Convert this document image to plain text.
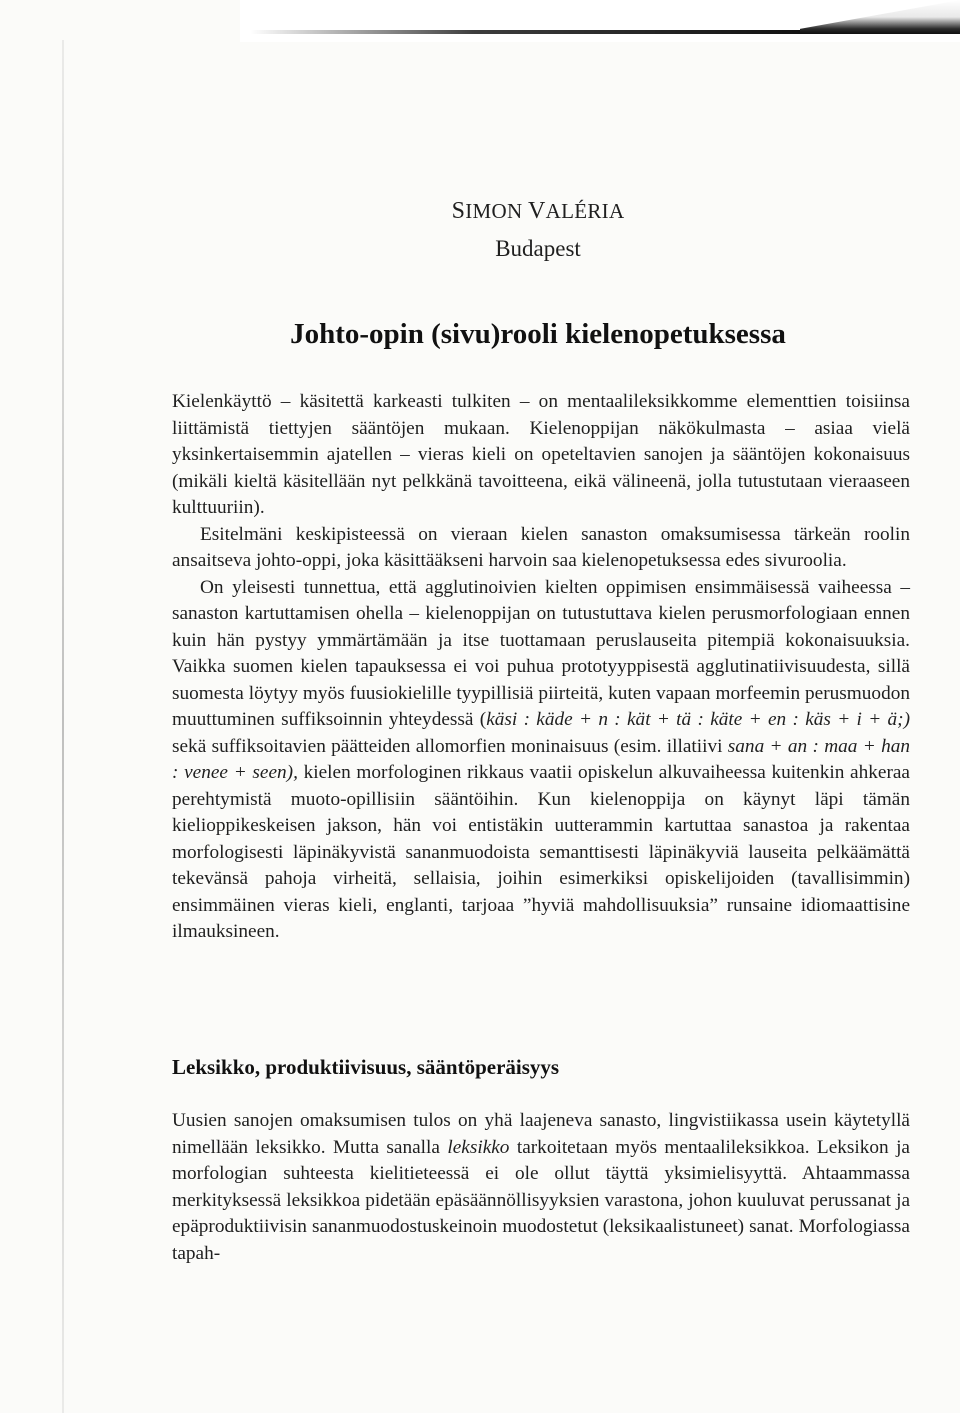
SIMON VALÉRIA
Budapest
Johto-opin (sivu)rooli kielenopetuksessa

Kielenkäyttö – käsitettä karkeasti tulkiten – on mentaalileksikkomme elementtien toisiinsa liittämistä tiettyjen sääntöjen mukaan. Kielenoppijan näkökulmasta – asiaa vielä yksinkertaisemmin ajatellen – vieras kieli on opeteltavien sanojen ja sääntöjen kokonaisuus (mikäli kieltä käsitellään nyt pelkkänä tavoitteena, eikä välineenä, jolla tutustutaan vieraaseen kulttuuriin).

Esitelmäni keskipisteessä on vieraan kielen sanaston omaksumisessa tärkeän roolin ansaitseva johto-oppi, joka käsittääkseni harvoin saa kielenopetuksessa edes sivuroolia.

On yleisesti tunnettua, että agglutinoivien kielten oppimisen ensimmäisessä vaiheessa – sanaston kartuttamisen ohella – kielenoppijan on tutustuttava kielen perusmorfologiaan ennen kuin hän pystyy ymmärtämään ja itse tuottamaan peruslauseita pitempiä kokonaisuuksia. Vaikka suomen kielen tapauksessa ei voi puhua prototyyppisestä agglutinatiivisuudesta, sillä suomesta löytyy myös fuusiokielille tyypillisiä piirteitä, kuten vapaan morfeemin perusmuodon muuttuminen suffiksoinnin yhteydessä (käsi : käde + n : kät + tä : käte + en : käs + i + ä;) sekä suffiksoitavien päätteiden allomorfien moninaisuus (esim. illatiivi sana + an : maa + han : venee + seen), kielen morfologinen rikkaus vaatii opiskelun alkuvaiheessa kuitenkin ahkeraa perehtymistä muoto-opillisiin sääntöihin. Kun kielenoppija on käynyt läpi tämän kielioppikeskeisen jakson, hän voi entistäkin uutterammin kartuttaa sanastoa ja rakentaa morfologisesti läpinäkyvistä sananmuodoista semanttisesti läpinäkyviä lauseita pelkäämättä tekevänsä pahoja virheitä, sellaisia, joihin esimerkiksi opiskelijoiden (tavallisimmin) ensimmäinen vieras kieli, englanti, tarjoaa ”hyviä mahdollisuuksia” runsaine idiomaattisine ilmauksineen.

Leksikko, produktiivisuus, sääntöperäisyys

Uusien sanojen omaksumisen tulos on yhä laajeneva sanasto, lingvistiikassa usein käytetyllä nimellään leksikko. Mutta sanalla leksikko tarkoitetaan myös mentaalileksikkoa. Leksikon ja morfologian suhteesta kielitieteessä ei ole ollut täyttä yksimielisyyttä. Ahtaammassa merkityksessä leksikkoa pidetään epäsäännöllisyyksien varastona, johon kuuluvat perussanat ja epäproduktiivisin sananmuodostuskeinoin muodostetut (leksikaalistuneet) sanat. Morfologiassa tapah-
